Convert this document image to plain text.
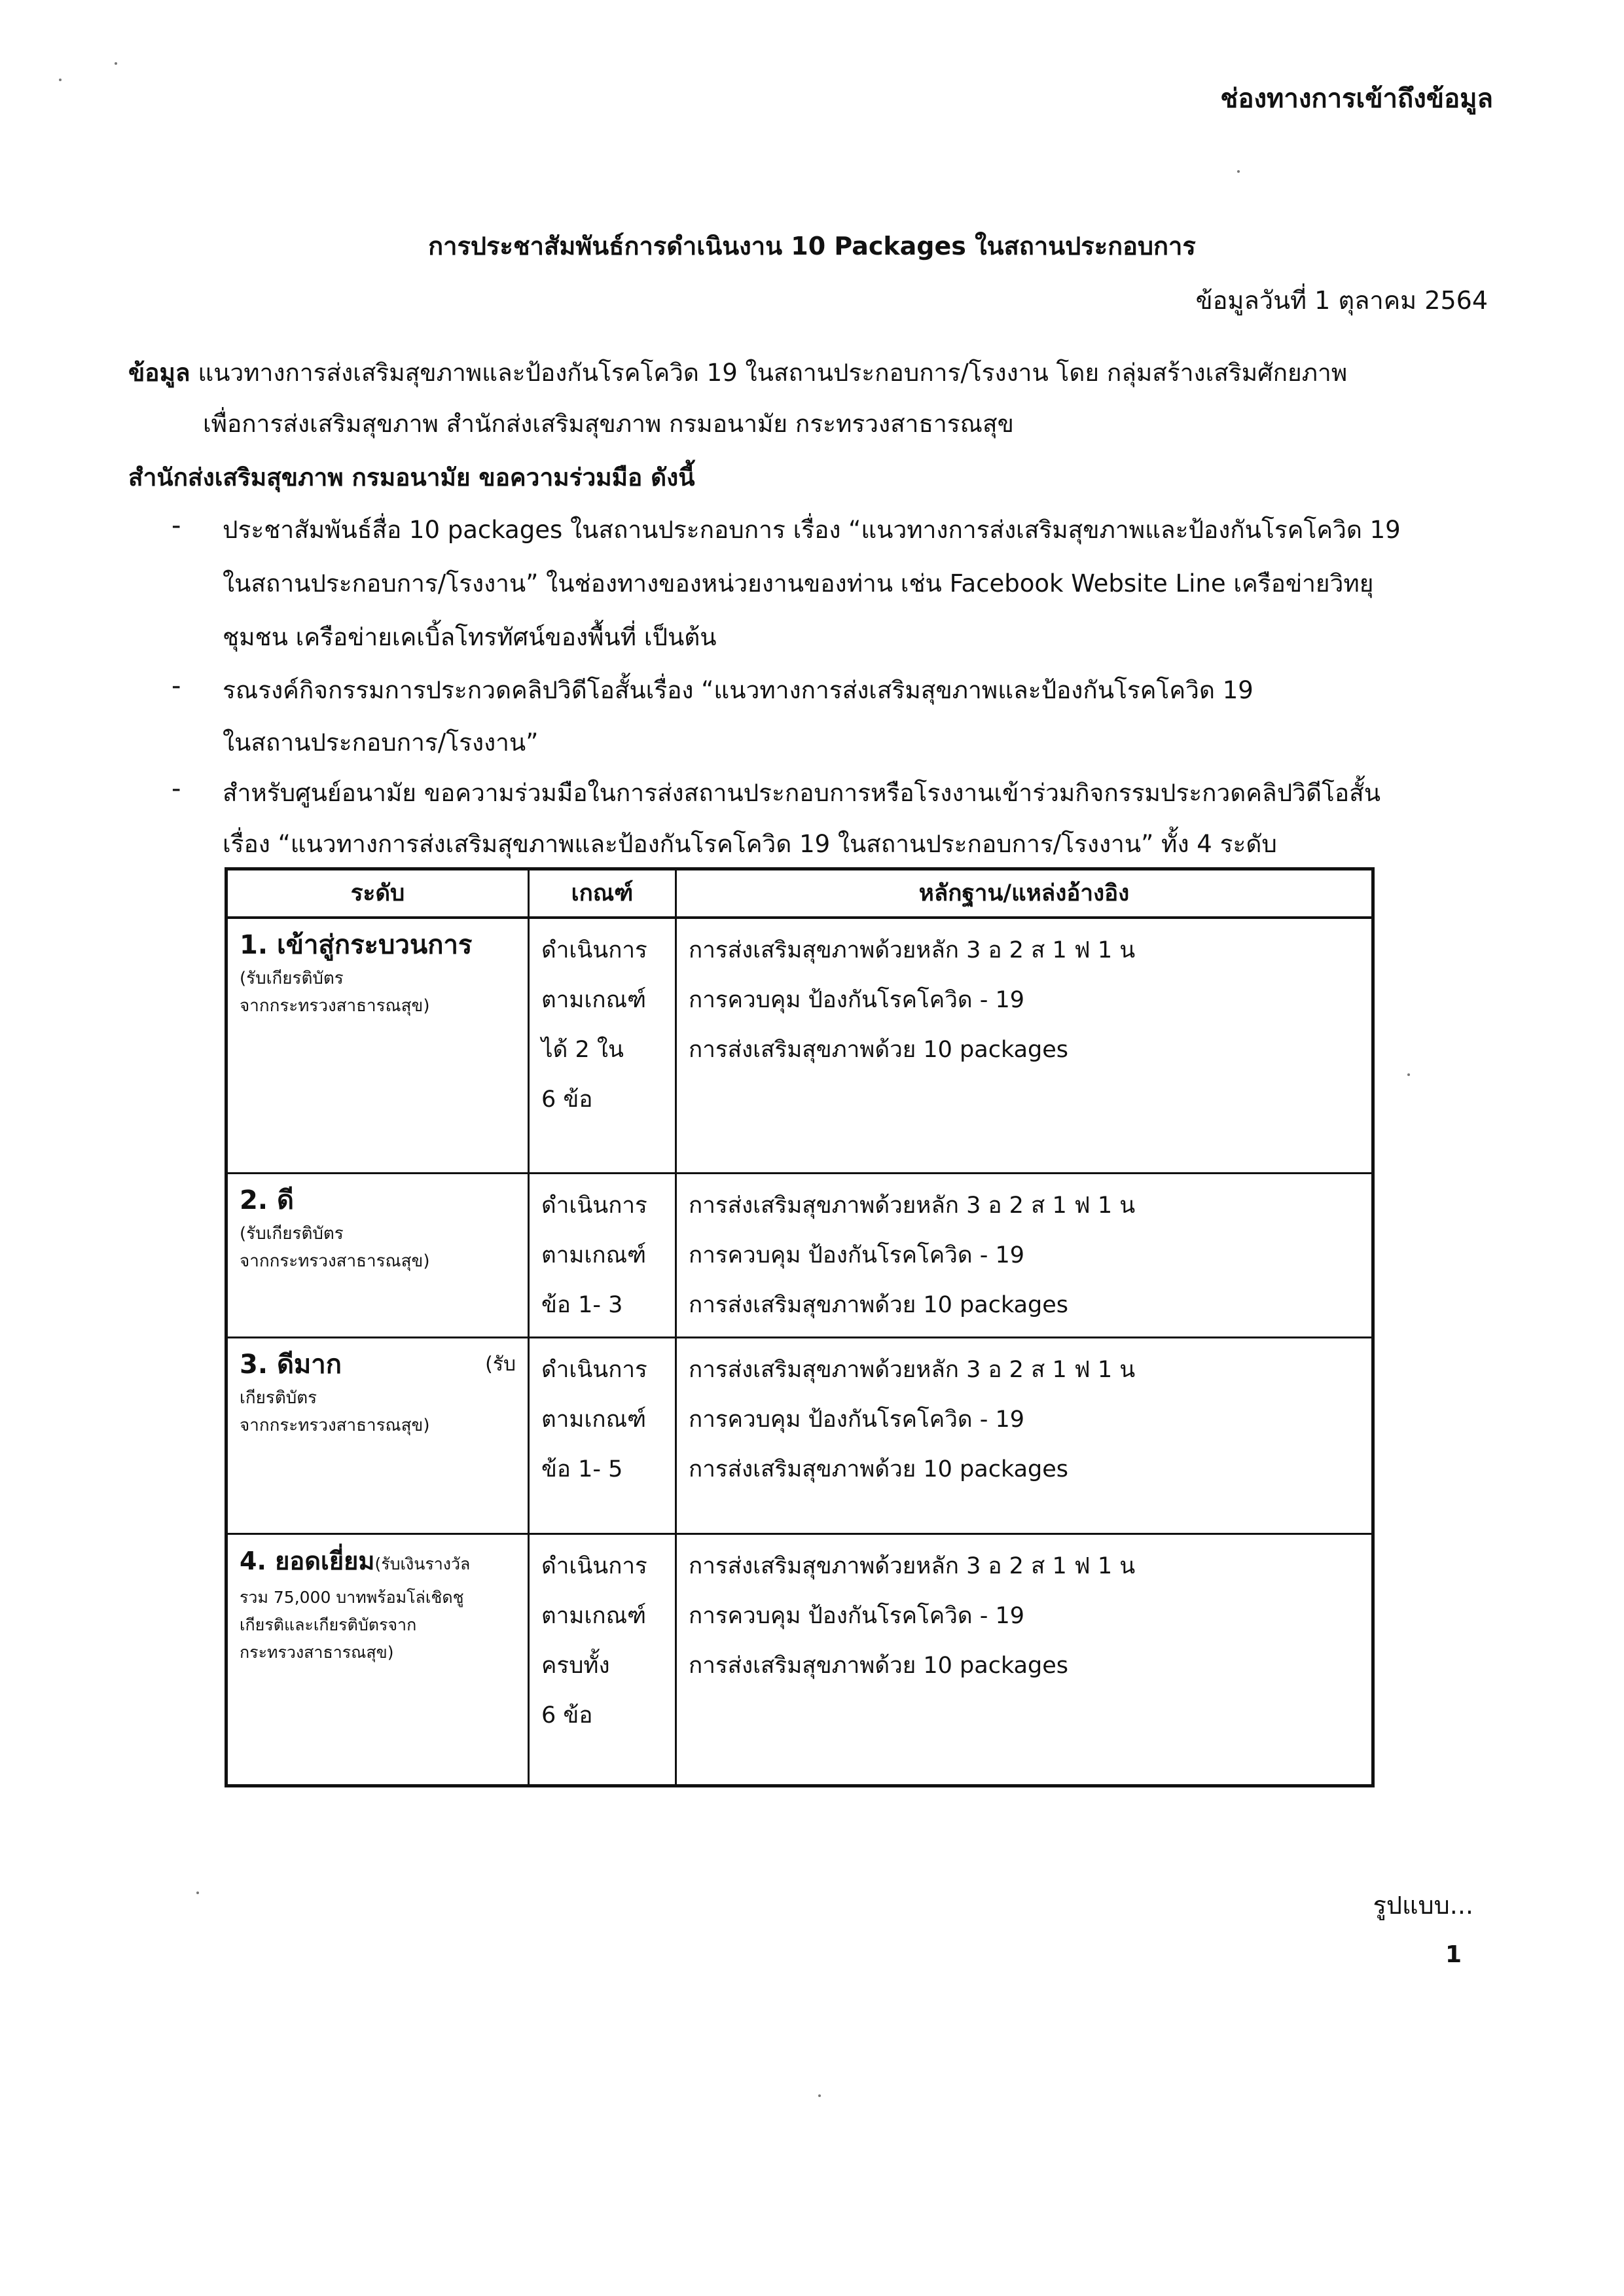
ช่องทางการเข้าถึงข้อมูล
การประชาสัมพันธ์การดำเนินงาน 10 Packages ในสถานประกอบการ
ข้อมูลวันที่ 1 ตุลาคม 2564
ข้อมูล แนวทางการส่งเสริมสุขภาพและป้องกันโรคโควิด 19 ในสถานประกอบการ/โรงงาน โดย กลุ่มสร้างเสริมศักยภาพ
เพื่อการส่งเสริมสุขภาพ สำนักส่งเสริมสุขภาพ กรมอนามัย กระทรวงสาธารณสุข
สำนักส่งเสริมสุขภาพ กรมอนามัย ขอความร่วมมือ ดังนี้
- ประชาสัมพันธ์สื่อ 10 packages ในสถานประกอบการ เรื่อง “แนวทางการส่งเสริมสุขภาพและป้องกันโรคโควิด 19
ในสถานประกอบการ/โรงงาน” ในช่องทางของหน่วยงานของท่าน เช่น Facebook Website Line เครือข่ายวิทยุ
ชุมชน เครือข่ายเคเบิ้ลโทรทัศน์ของพื้นที่ เป็นต้น
- รณรงค์กิจกรรมการประกวดคลิปวิดีโอสั้นเรื่อง “แนวทางการส่งเสริมสุขภาพและป้องกันโรคโควิด 19
ในสถานประกอบการ/โรงงาน”
- สำหรับศูนย์อนามัย ขอความร่วมมือในการส่งสถานประกอบการหรือโรงงานเข้าร่วมกิจกรรมประกวดคลิปวิดีโอสั้น
เรื่อง “แนวทางการส่งเสริมสุขภาพและป้องกันโรคโควิด 19 ในสถานประกอบการ/โรงงาน” ทั้ง 4 ระดับ
ระดับ	เกณฑ์	หลักฐาน/แหล่งอ้างอิง

1. เข้าสู่กระบวนการ
(รับเกียรติบัตร
จากกระทรวงสาธารณสุข)	ดำเนินการ
ตามเกณฑ์
ได้ 2 ใน
6 ข้อ	การส่งเสริมสุขภาพด้วยหลัก 3 อ 2 ส 1 ฟ 1 น
การควบคุม ป้องกันโรคโควิด - 19
การส่งเสริมสุขภาพด้วย 10 packages

2. ดี
(รับเกียรติบัตร
จากกระทรวงสาธารณสุข)	ดำเนินการ
ตามเกณฑ์
ข้อ 1- 3	การส่งเสริมสุขภาพด้วยหลัก 3 อ 2 ส 1 ฟ 1 น
การควบคุม ป้องกันโรคโควิด - 19
การส่งเสริมสุขภาพด้วย 10 packages

3. ดีมาก (รับ
เกียรติบัตร
จากกระทรวงสาธารณสุข)	ดำเนินการ
ตามเกณฑ์
ข้อ 1- 5	การส่งเสริมสุขภาพด้วยหลัก 3 อ 2 ส 1 ฟ 1 น
การควบคุม ป้องกันโรคโควิด - 19
การส่งเสริมสุขภาพด้วย 10 packages

4. ยอดเยี่ยม(รับเงินรางวัล
รวม 75,000 บาทพร้อมโล่เชิดชู
เกียรติและเกียรติบัตรจาก
กระทรวงสาธารณสุข)	ดำเนินการ
ตามเกณฑ์
ครบทั้ง
6 ข้อ	การส่งเสริมสุขภาพด้วยหลัก 3 อ 2 ส 1 ฟ 1 น
การควบคุม ป้องกันโรคโควิด - 19
การส่งเสริมสุขภาพด้วย 10 packages
รูปแบบ...
1
